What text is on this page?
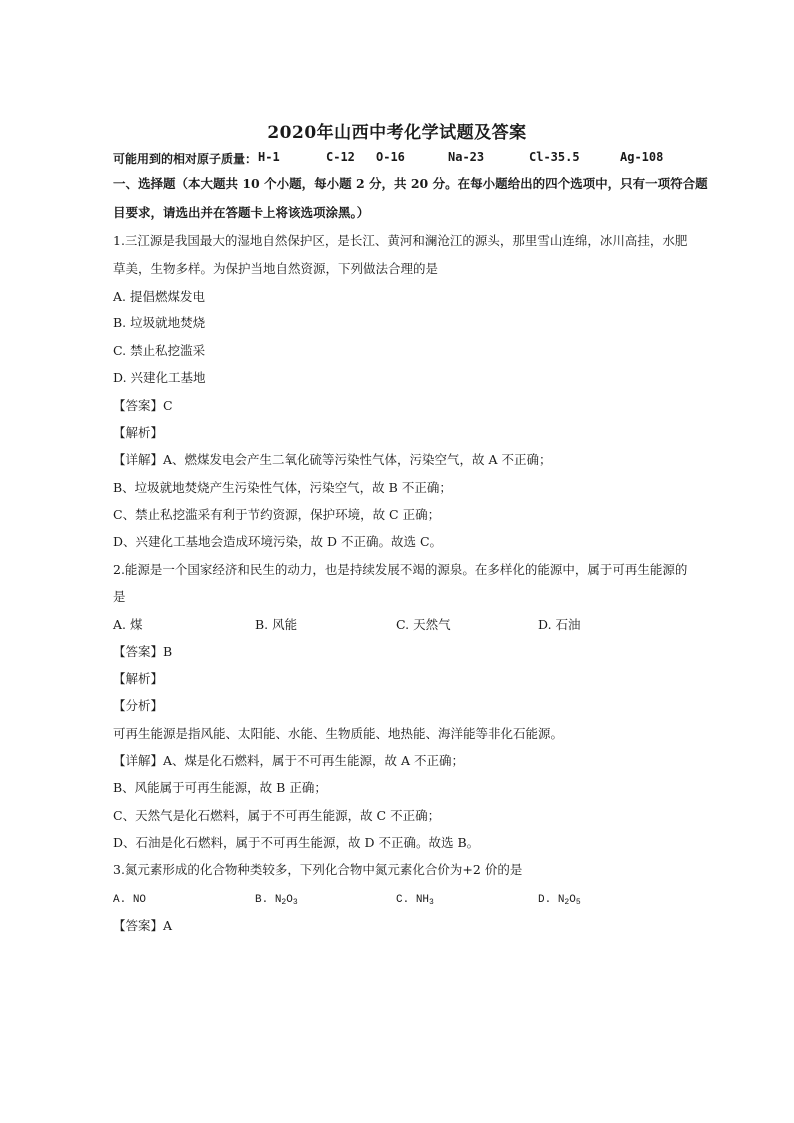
2020年山西中考化学试题及答案
可能用到的相对原子质量： H-1	C-12 O-16	Na-23	Cl-35.5	Ag-108
一、选择题（本大题共 10 个小题，每小题 2 分，共 20 分。在每小题给出的四个选项中，只有一项符合题
目要求，请选出并在答题卡上将该选项涂黑。）
1.三江源是我国最大的湿地自然保护区，是长江、黄河和澜沧江的源头，那里雪山连绵，冰川高挂，水肥
草美，生物多样。为保护当地自然资源，下列做法合理的是
A. 提倡燃煤发电
B. 垃圾就地焚烧
C. 禁止私挖滥采
D. 兴建化工基地
【答案】C
【解析】
【详解】A、燃煤发电会产生二氧化硫等污染性气体，污染空气，故 A 不正确；
B、垃圾就地焚烧产生污染性气体，污染空气，故 B 不正确；
C、禁止私挖滥采有利于节约资源，保护环境，故 C 正确；
D、兴建化工基地会造成环境污染，故 D 不正确。故选 C。
2.能源是一个国家经济和民生的动力，也是持续发展不竭的源泉。在多样化的能源中，属于可再生能源的
是
A. 煤	B. 风能	C. 天然气	D. 石油
【答案】B
【解析】
【分析】
可再生能源是指风能、太阳能、水能、生物质能、地热能、海洋能等非化石能源。
【详解】A、煤是化石燃料，属于不可再生能源，故 A 不正确；
B、风能属于可再生能源，故 B 正确；
C、天然气是化石燃料，属于不可再生能源，故 C 不正确；
D、石油是化石燃料，属于不可再生能源，故 D 不正确。故选 B。
3.氮元素形成的化合物种类较多，下列化合物中氮元素化合价为+2 价的是
A. NO	B. $N_2O_3$	C. $NH_3$	D. $N_2O_5$
【答案】A
